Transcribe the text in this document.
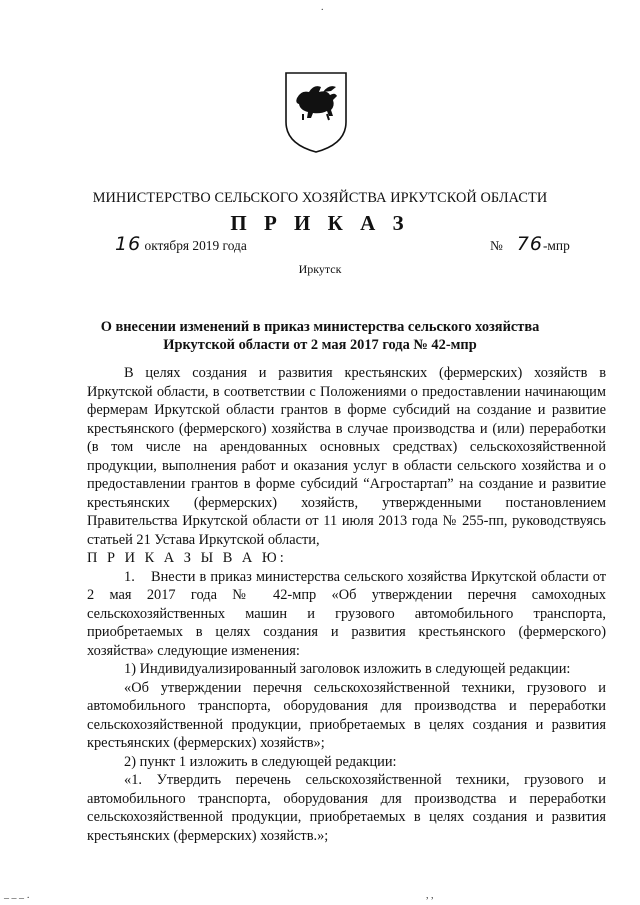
МИНИСТЕРСТВО СЕЛЬСКОГО ХОЗЯЙСТВА ИРКУТСКОЙ ОБЛАСТИ
П Р И К А З
16 октября 2019 года	№ 76-мпр
Иркутск
О внесении изменений в приказ министерства сельского хозяйства
Иркутской области от 2 мая 2017 года № 42-мпр

В целях создания и развития крестьянских (фермерских) хозяйств в Иркутской области, в соответствии с Положениями о предоставлении начинающим фермерам Иркутской области грантов в форме субсидий на создание и развитие крестьянского (фермерского) хозяйства в случае производства и (или) переработки (в том числе на арендованных основных средствах) сельскохозяйственной продукции, выполнения работ и оказания услуг в области сельского хозяйства и о предоставлении грантов в форме субсидий “Агростартап” на создание и развитие крестьянских (фермерских) хозяйств, утвержденными постановлением Правительства Иркутской области от 11 июля 2013 года № 255-пп, руководствуясь статьей 21 Устава Иркутской области,

П Р И К А З Ы В А Ю:

1.    Внести в приказ министерства сельского хозяйства Иркутской области от 2 мая 2017 года № 42-мпр «Об утверждении перечня самоходных сельскохозяйственных машин и грузового автомобильного транспорта, приобретаемых в целях создания и развития крестьянского (фермерского) хозяйства» следующие изменения:

1) Индивидуализированный заголовок изложить в следующей редакции:

«Об утверждении перечня сельскохозяйственной техники, грузового и автомобильного транспорта, оборудования для производства и переработки сельскохозяйственной продукции, приобретаемых в целях создания и развития крестьянских (фермерских) хозяйств»;

2) пункт 1 изложить в следующей редакции:

«1. Утвердить перечень сельскохозяйственной техники, грузового и автомобильного транспорта, оборудования для производства и переработки сельскохозяйственной продукции, приобретаемых в целях создания и развития крестьянских (фермерских) хозяйств.»;

.
, ,
– – – ·
